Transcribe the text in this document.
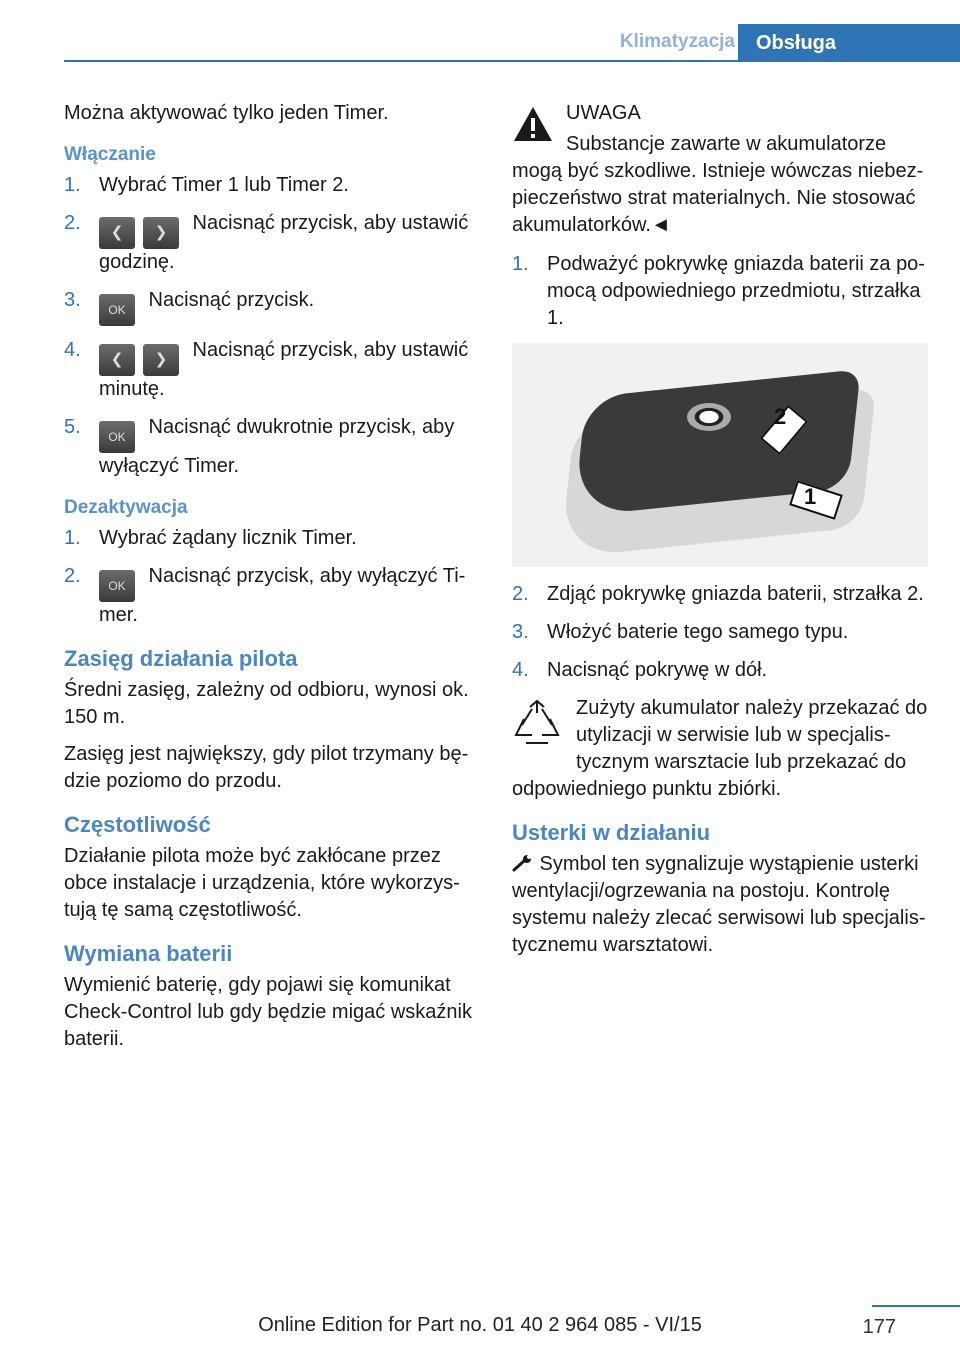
Klimatyzacja	Obsługa

Można aktywować tylko jeden Timer.

Włączanie
1. Wybrać Timer 1 lub Timer 2.
2. ❮ ❯ Nacisnąć przycisk, aby ustawić godzinę.
3. OK Nacisnąć przycisk.
4. ❮ ❯ Nacisnąć przycisk, aby ustawić minutę.
5. OK Nacisnąć dwukrotnie przycisk, aby wyłączyć Timer.
Dezaktywacja
1. Wybrać żądany licznik Timer.
2. OK Nacisnąć przycisk, aby wyłączyć Ti‐mer.
Zasięg działania pilota

Średni zasięg, zależny od odbioru, wynosi ok. 150 m.

Zasięg jest największy, gdy pilot trzymany bę‐dzie poziomo do przodu.

Częstotliwość

Działanie pilota może być zakłócane przez obce instalacje i urządzenia, które wykorzys‐tują tę samą częstotliwość.

Wymiana baterii

Wymienić baterię, gdy pojawi się komunikat Check-Control lub gdy będzie migać wskaźnik baterii.

UWAGA
Substancje zawarte w akumulatorze mogą być szkodliwe. Istnieje wówczas niebez‐pieczeństwo strat materialnych. Nie stosować akumulatorków.◄
1. Podważyć pokrywkę gniazda baterii za po‐mocą odpowiedniego przedmiotu, strzałka 1.
2
1
2. Zdjąć pokrywkę gniazda baterii, strzałka 2.
3. Włożyć baterie tego samego typu.
4. Nacisnąć pokrywę w dół.
Zużyty akumulator należy przekazać do utylizacji w serwisie lub w specjalis‐tycznym warsztacie lub przekazać do odpowiedniego punktu zbiórki.
Usterki w działaniu

Symbol ten sygnalizuje wystąpienie usterki wentylacji/ogrzewania na postoju. Kontrolę systemu należy zlecać serwisowi lub specjalis‐tycznemu warsztatowi.

177
Online Edition for Part no. 01 40 2 964 085 - VI/15
